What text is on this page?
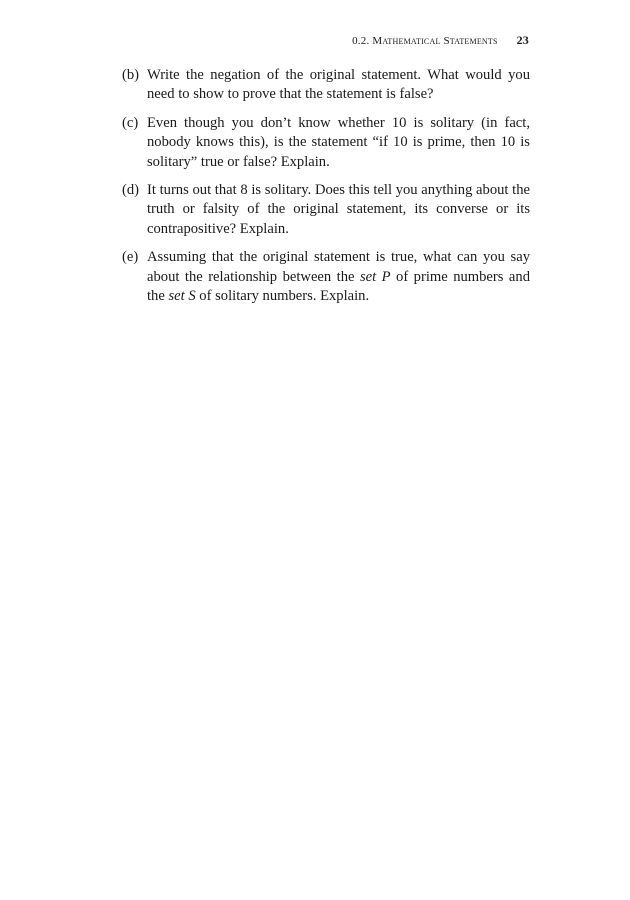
0.2. Mathematical Statements 23
(b) Write the negation of the original statement. What would you need to show to prove that the statement is false?
(c) Even though you don’t know whether 10 is solitary (in fact, nobody knows this), is the statement “if 10 is prime, then 10 is solitary” true or false? Explain.
(d) It turns out that 8 is solitary. Does this tell you anything about the truth or falsity of the original statement, its converse or its contrapositive? Explain.
(e) Assuming that the original statement is true, what can you say about the relationship between the set P of prime numbers and the set S of solitary numbers. Explain.
